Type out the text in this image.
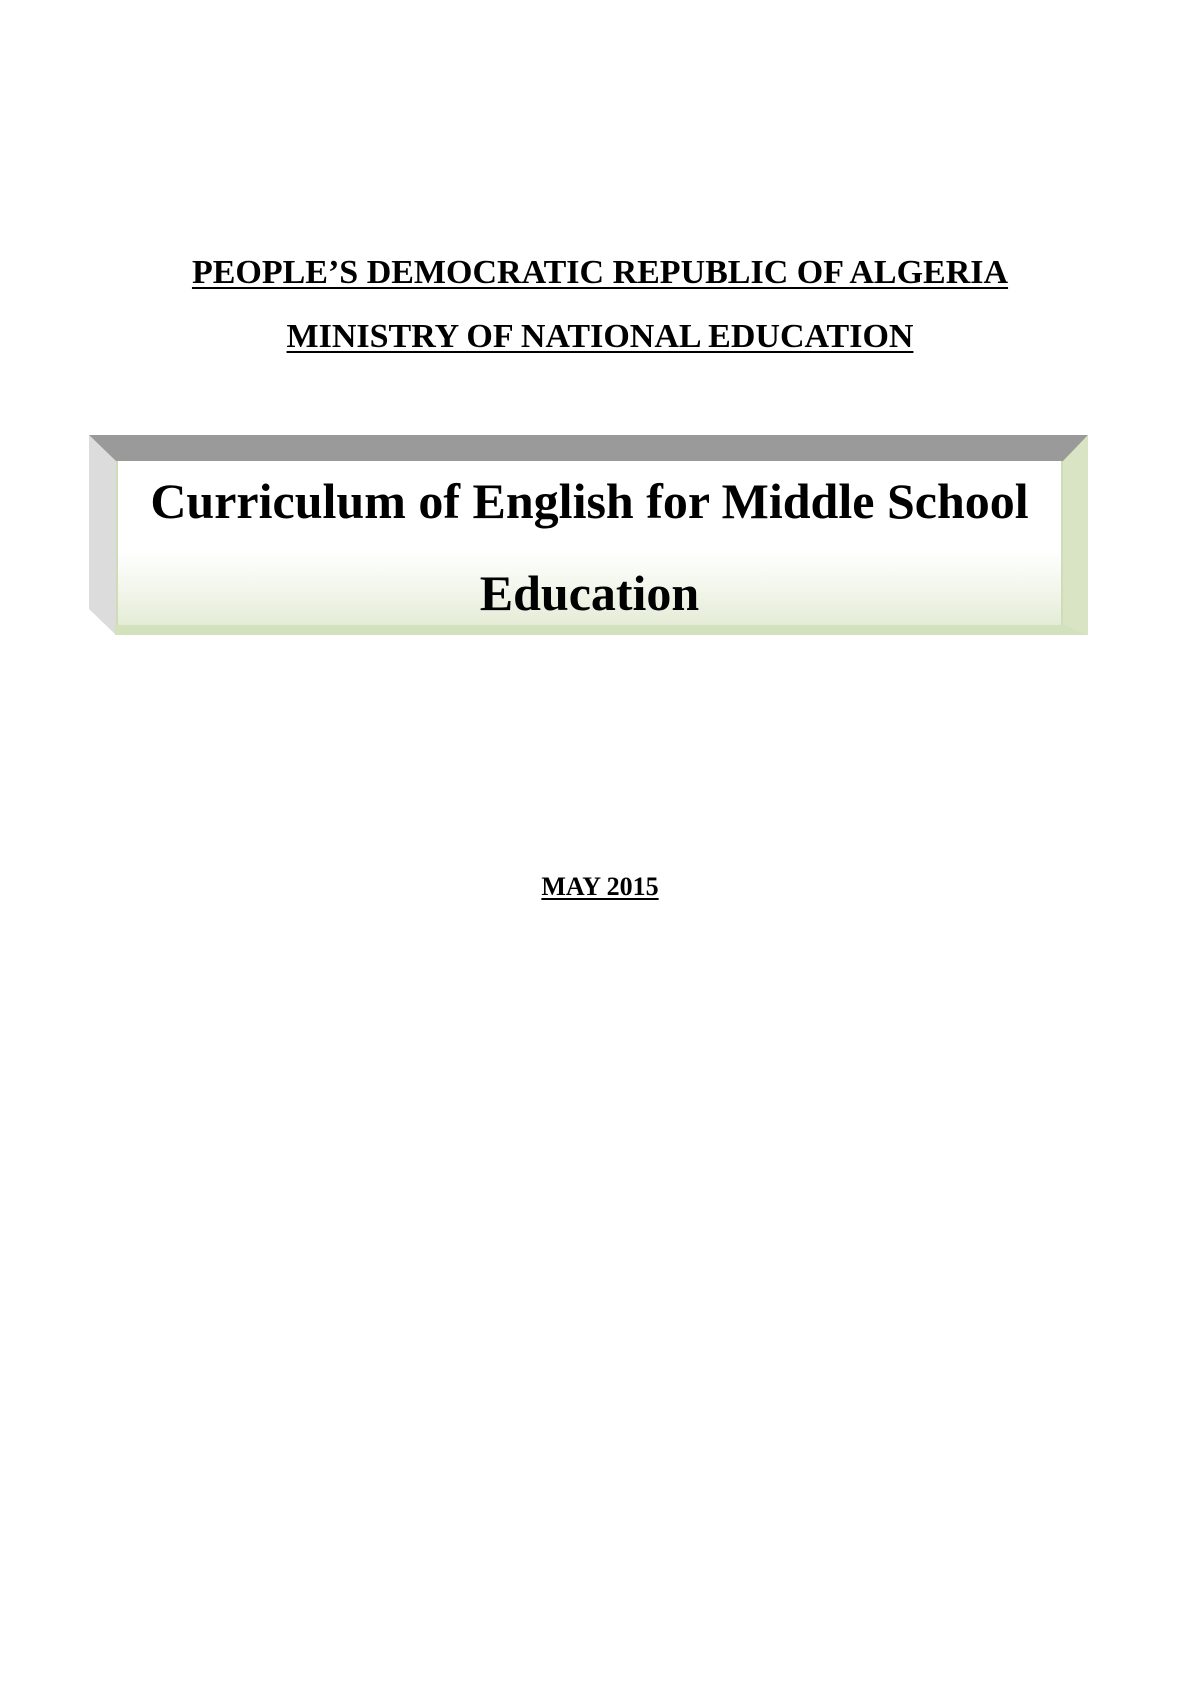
PEOPLE’S DEMOCRATIC REPUBLIC OF ALGERIA
MINISTRY OF NATIONAL EDUCATION
Curriculum of English for Middle School
Education
MAY 2015
